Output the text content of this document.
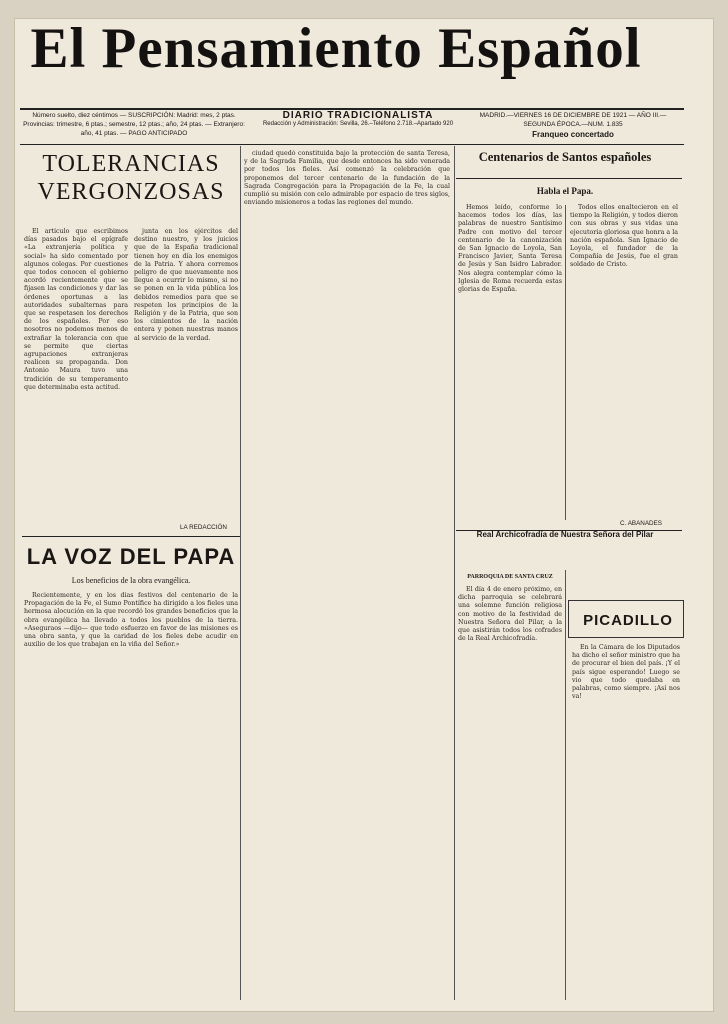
El Pensamiento Español
Número suelto, diez céntimos — SUSCRIPCIÓN: Madrid: mes, 2 ptas. Provincias: trimestre, 6 ptas.; semestre, 12 ptas.; año, 24 ptas. — Extranjero: año, 41 ptas. — PAGO ANTICIPADO
DIARIO TRADICIONALISTA
Redacción y Administración: Sevilla, 26.–Teléfono 2.718.–Apartado 920
MADRID.—VIERNES 16 DE DICIEMBRE DE 1921 — AÑO III.—SEGUNDA ÉPOCA.—NUM. 1.835
Franqueo concertado
TOLERANCIAS VERGONZOSAS

El artículo que escribimos días pasados bajo el epígrafe «La extranjería política y social» ha sido comentado por algunos colegas. Por cuestiones que todos conocen el gobierno acordó recientemente que se fijasen las condiciones y dar las órdenes oportunas a las autoridades subalternas para que se respetasen los derechos de los españoles. Por eso nosotros no podemos menos de extrañar la tolerancia con que se permite que ciertas agrupaciones extranjeras realicen su propaganda. Don Antonio Maura tuvo una tradición de su temperamento que determinaba esta actitud.

junta en los ejércitos del destino nuestro, y los juicios que de la España tradicional tienen hoy en día los enemigos de la Patria. Y ahora corremos peligro de que nuevamente nos llegue a ocurrir lo mismo, si no se ponen en la vida pública los debidos remedios para que se respeten los principios de la Religión y de la Patria, que son los cimientos de la nación entera y ponen nuestras manos al servicio de la verdad.

LA REDACCIÓN
LA VOZ DEL PAPA
Los beneficios de la obra evangélica.

Recientemente, y en los días festivos del centenario de la Propagación de la Fe, el Sumo Pontífice ha dirigido a los fieles una hermosa alocución en la que recordó los grandes beneficios que la obra evangélica ha llevado a todos los pueblos de la tierra. «Aseguraos —dijo— que todo esfuerzo en favor de las misiones es una obra santa, y que la caridad de los fieles debe acudir en auxilio de los que trabajan en la viña del Señor.»

ciudad quedó constituida bajo la protección de santa Teresa, y de la Sagrada Familia, que desde entonces ha sido venerada por todos los fieles. Así comenzó la celebración que proponemos del tercer centenario de la fundación de la Sagrada Congregación para la Propagación de la Fe, la cual cumplió su misión con celo admirable por espacio de tres siglos, enviando misioneros a todas las regiones del mundo.

Centenarios de Santos españoles
Habla el Papa.

Hemos leído, conforme lo hacemos todos los días, las palabras de nuestro Santísimo Padre con motivo del tercer centenario de la canonización de San Ignacio de Loyola, San Francisco Javier, Santa Teresa de Jesús y San Isidro Labrador. Nos alegra contemplar cómo la Iglesia de Roma recuerda estas glorias de España.

Todos ellos enaltecieron en el tiempo la Religión, y todos dieron con sus obras y sus vidas una ejecutoria gloriosa que honra a la nación española. San Ignacio de Loyola, el fundador de la Compañía de Jesús, fue el gran soldado de Cristo.

C. ABANADES
Real Archicofradía de Nuestra Señora del Pilar
PARROQUIA DE SANTA CRUZ

El día 4 de enero próximo, en dicha parroquia se celebrará una solemne función religiosa con motivo de la festividad de Nuestra Señora del Pilar, a la que asistirán todos los cofrades de la Real Archicofradía.

PICADILLO

En la Cámara de los Diputados ha dicho el señor ministro que ha de procurar el bien del país. ¡Y el país sigue esperando! Luego se vio que todo quedaba en palabras, como siempre. ¡Así nos va!
